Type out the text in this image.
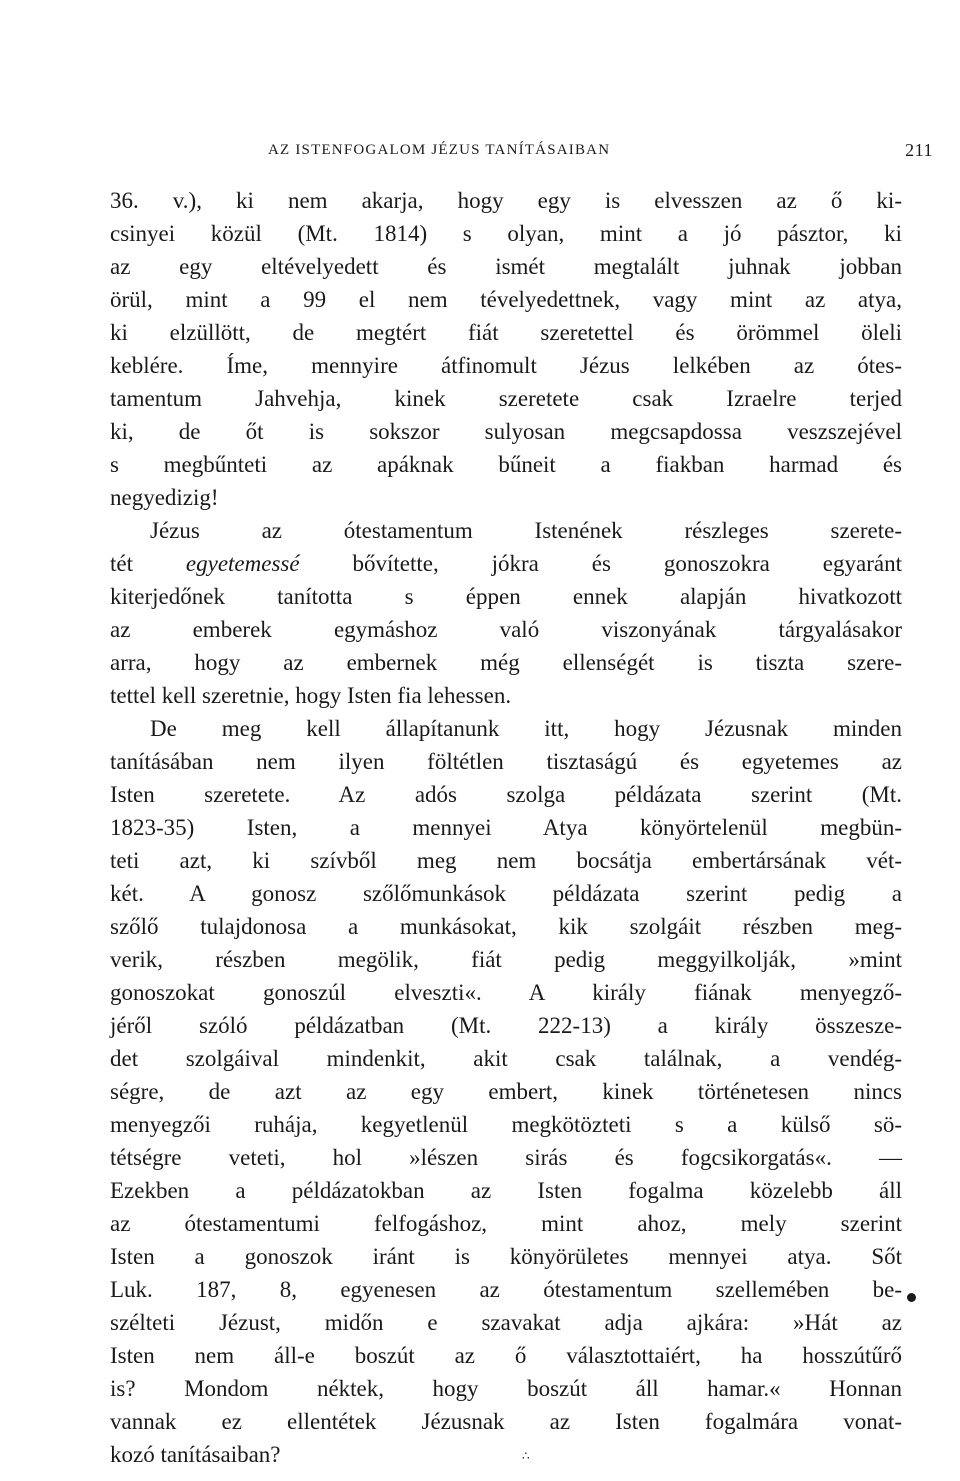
AZ ISTENFOGALOM JÉZUS TANÍTÁSAIBAN	211
36. v.), ki nem akarja, hogy egy is elvesszen az ő ki-
csinyei közül (Mt. 1814) s olyan, mint a jó pásztor, ki
az egy eltévelyedett és ismét megtalált juhnak jobban
örül, mint a 99 el nem tévelyedettnek, vagy mint az atya,
ki elzüllött, de megtért fiát szeretettel és örömmel öleli
keblére. Íme, mennyire átfinomult Jézus lelkében az ótes-
tamentum Jahvehja, kinek szeretete csak Izraelre terjed
ki, de őt is sokszor sulyosan megcsapdossa veszszejével
s megbűnteti az apáknak bűneit a fiakban harmad és
negyedizig!
Jézus az ótestamentum Istenének részleges szerete-
tét egyetemessé bővítette, jókra és gonoszokra egyaránt
kiterjedőnek tanította s éppen ennek alapján hivatkozott
az emberek egymáshoz való viszonyának tárgyalásakor
arra, hogy az embernek még ellenségét is tiszta szere-
tettel kell szeretnie, hogy Isten fia lehessen.
De meg kell állapítanunk itt, hogy Jézusnak minden
tanításában nem ilyen föltétlen tisztaságú és egyetemes az
Isten szeretete. Az adós szolga példázata szerint (Mt.
1823-35) Isten, a mennyei Atya könyörtelenül megbün-
teti azt, ki szívből meg nem bocsátja embertársának vét-
két. A gonosz szőlőmunkások példázata szerint pedig a
szőlő tulajdonosa a munkásokat, kik szolgáit részben meg-
verik, részben megölik, fiát pedig meggyilkolják, »mint
gonoszokat gonoszúl elveszti«. A király fiának menyegző-
jéről szóló példázatban (Mt. 222-13) a király összesze-
det szolgáival mindenkit, akit csak találnak, a vendég-
ségre, de azt az egy embert, kinek történetesen nincs
menyegzői ruhája, kegyetlenül megkötözteti s a külső sö-
tétségre veteti, hol »lészen sirás és fogcsikorgatás«. —
Ezekben a példázatokban az Isten fogalma közelebb áll
az ótestamentumi felfogáshoz, mint ahoz, mely szerint
Isten a gonoszok iránt is könyörületes mennyei atya. Sőt
Luk. 187, 8, egyenesen az ótestamentum szellemében be-
szélteti Jézust, midőn e szavakat adja ajkára: »Hát az
Isten nem áll-e boszút az ő választottaiért, ha hosszútűrő
is? Mondom néktek, hogy boszút áll hamar.« Honnan
vannak ez ellentétek Jézusnak az Isten fogalmára vonat-
kozó tanításaiban?	∴
